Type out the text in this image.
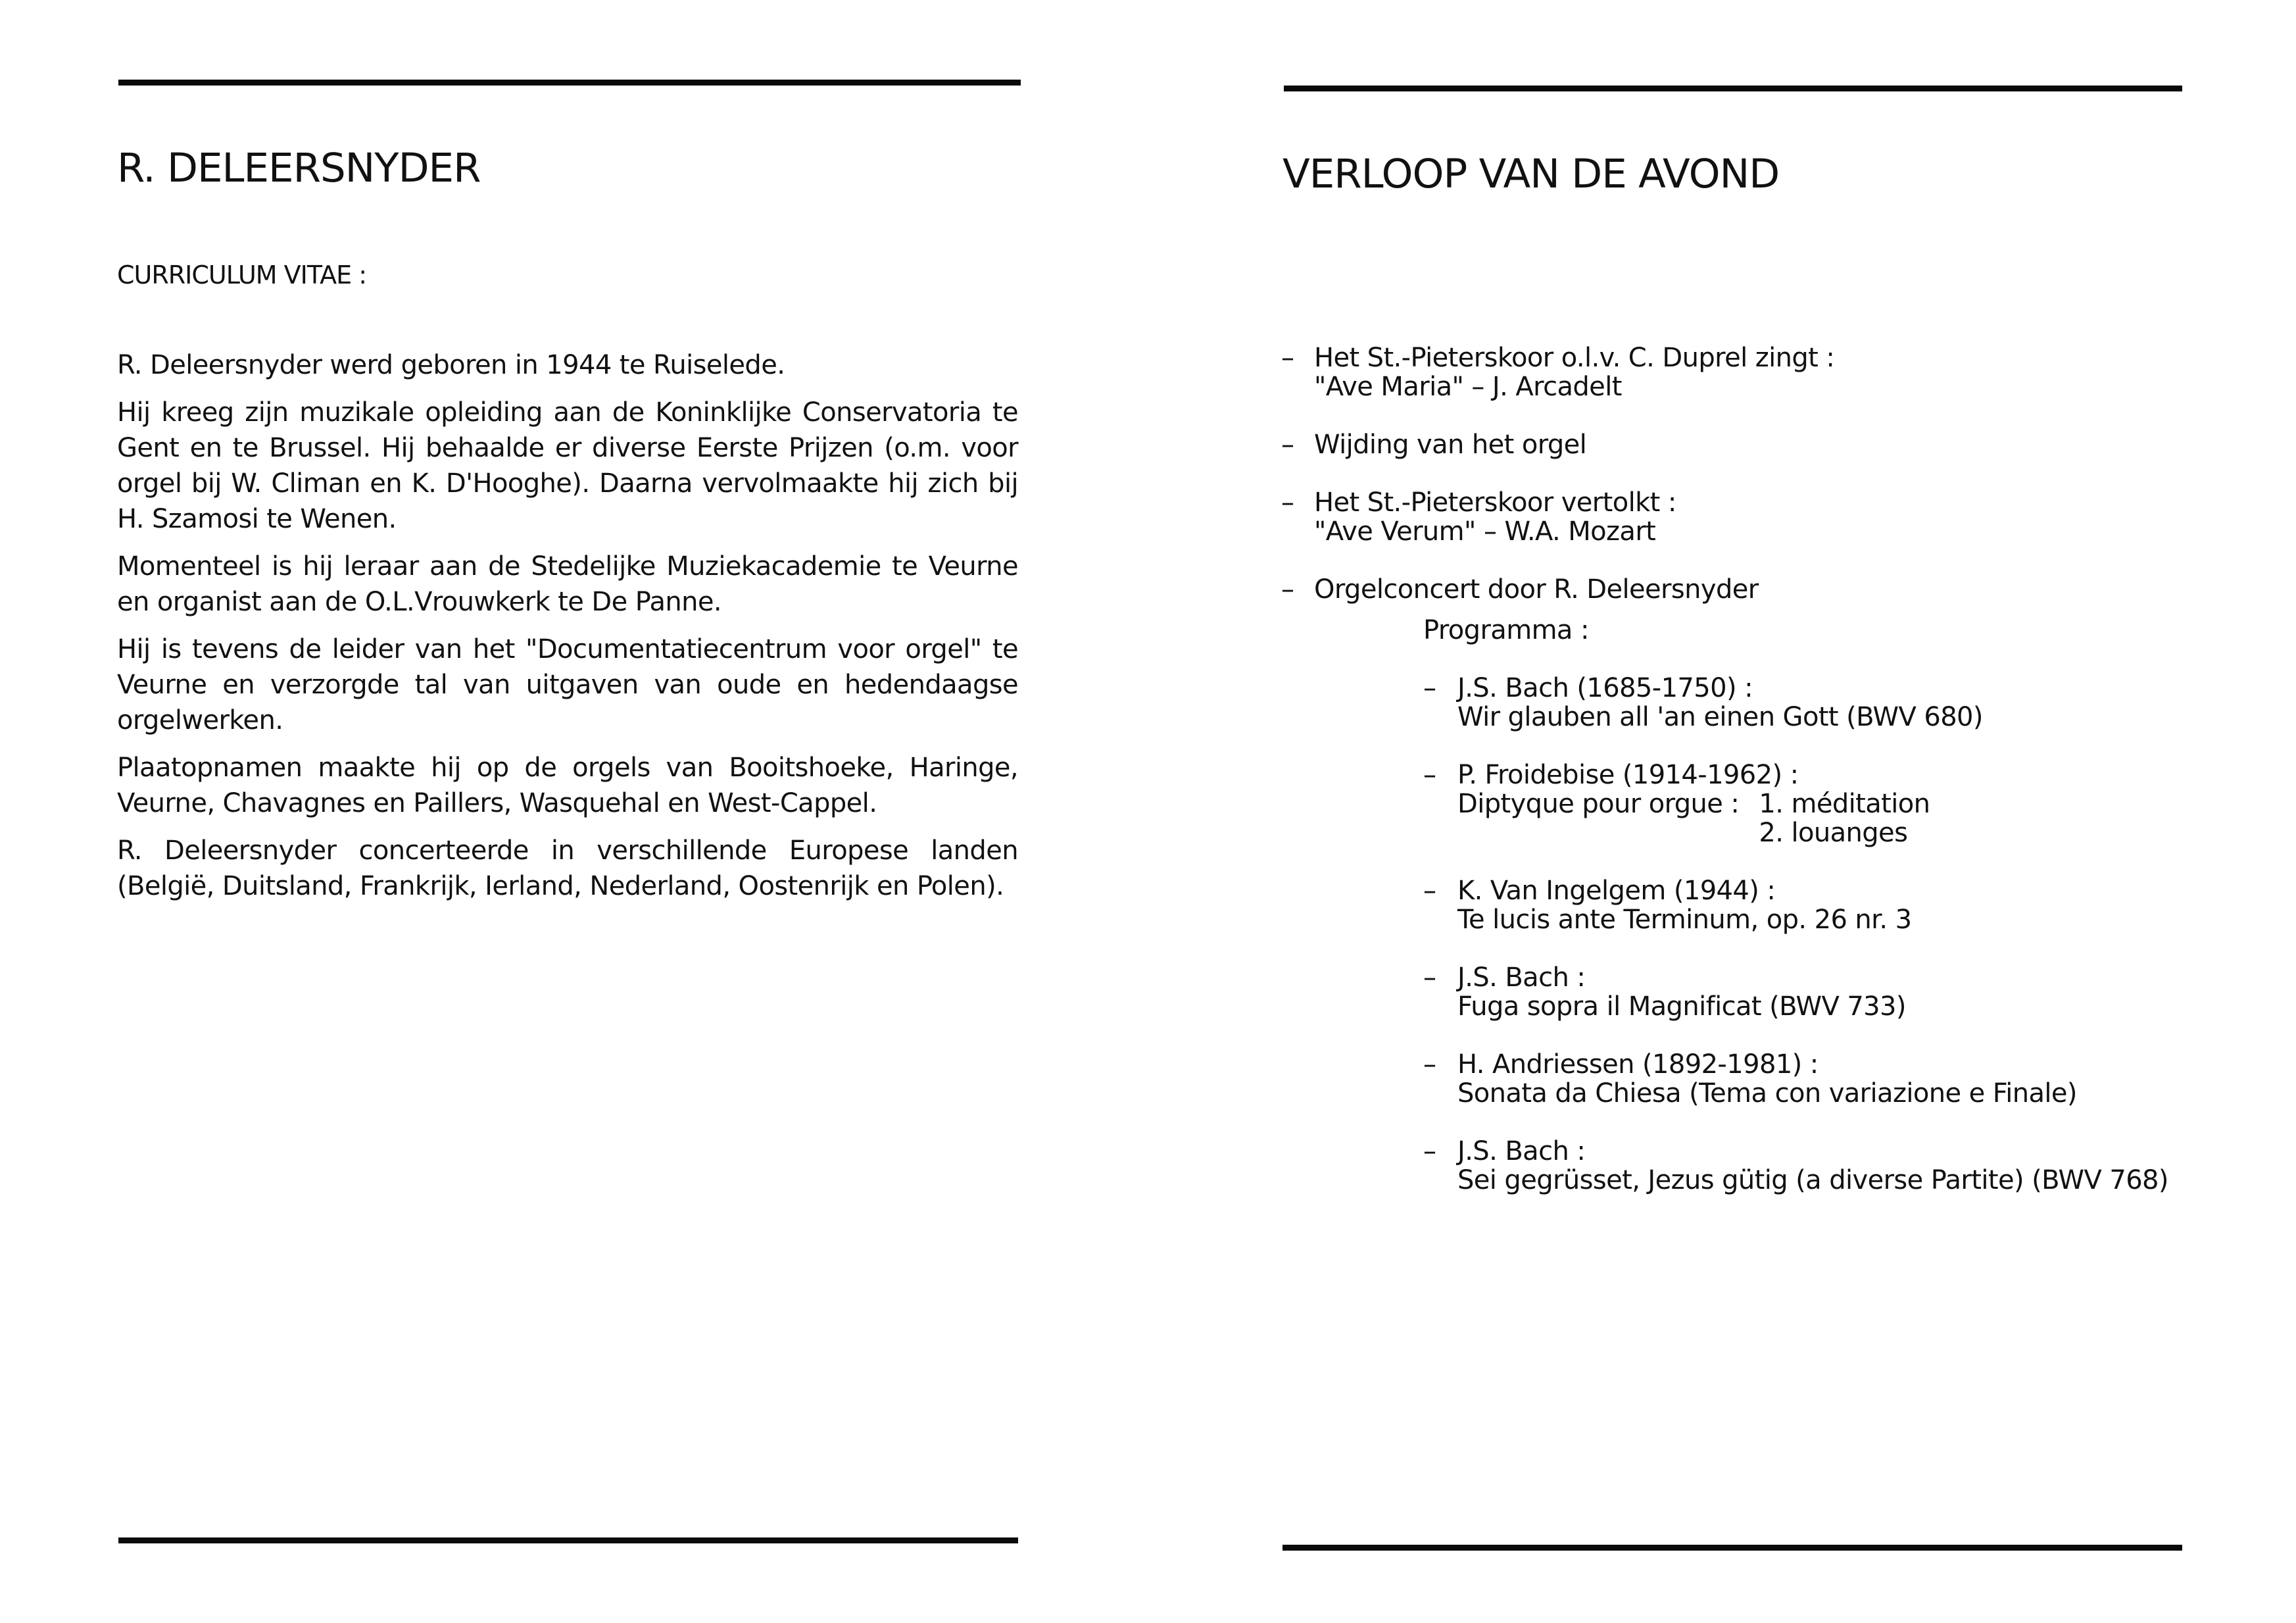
R. DELEERSNYDER
CURRICULUM VITAE :

R. Deleersnyder werd geboren in 1944 te Ruiselede.

Hij kreeg zijn muzikale opleiding aan de Koninklijke Conservatoria te Gent en te Brussel. Hij behaalde er diverse Eerste Prijzen (o.m. voor orgel bij W. Climan en K. D'Hooghe). Daarna vervolmaakte hij zich bij H. Szamosi te Wenen.

Momenteel is hij leraar aan de Stedelijke Muziekacademie te Veurne en organist aan de O.L.Vrouwkerk te De Panne.

Hij is tevens de leider van het "Documentatiecentrum voor orgel" te Veurne en verzorgde tal van uitgaven van oude en hedendaagse orgelwerken.

Plaatopnamen maakte hij op de orgels van Booitshoeke, Haringe, Veurne, Chavagnes en Paillers, Wasquehal en West-Cappel.

R. Deleersnyder concerteerde in verschillende Europese landen (België, Duitsland, Frankrijk, Ierland, Nederland, Oostenrijk en Polen).

VERLOOP VAN DE AVOND
– Het St.-Pieterskoor o.l.v. C. Duprel zingt :
"Ave Maria" – J. Arcadelt
– Wijding van het orgel
– Het St.-Pieterskoor vertolkt :
"Ave Verum" – W.A. Mozart
– Orgelconcert door R. Deleersnyder
Programma :
– J.S. Bach (1685-1750) :
Wir glauben all 'an einen Gott (BWV 680)
– P. Froidebise (1914-1962) :
Diptyque pour orgue : 1. méditation
2. louanges
– K. Van Ingelgem (1944) :
Te lucis ante Terminum, op. 26 nr. 3
– J.S. Bach :
Fuga sopra il Magnificat (BWV 733)
– H. Andriessen (1892-1981) :
Sonata da Chiesa (Tema con variazione e Finale)
– J.S. Bach :
Sei gegrüsset, Jezus gütig (a diverse Partite) (BWV 768)
